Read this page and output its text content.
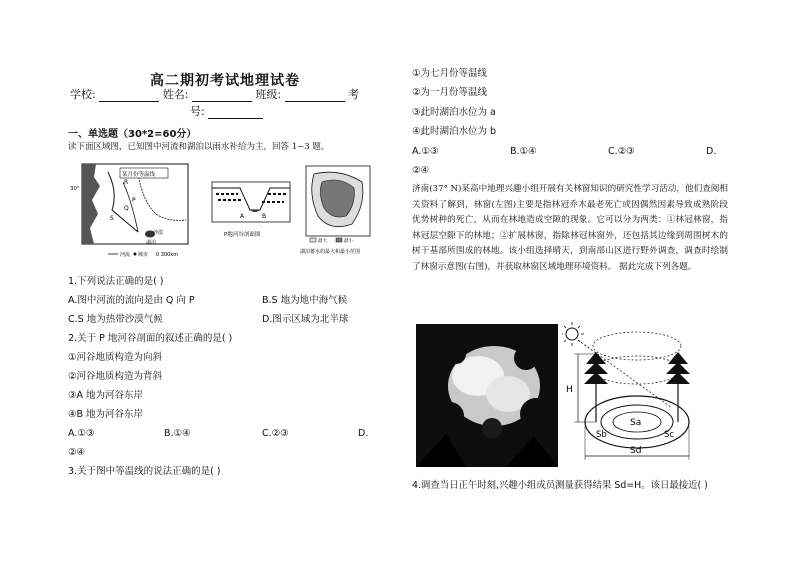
高二期初考试地理试卷
学校:	姓名:	班级:	考
号:
一、单选题（30*2=60分）
读下面区域图，已知图中河流和湖泊以雨水补给为主，回答 1~3 题。
某月份等温线
R
P
Q
S
30°
沙漠
湖泊
河流 城市 0 300km
A	B
P地河谷剖面图
最大	最小
湖泊蓄水的最大和最小范围
1.下列说法正确的是( )
A.图中河流的流向是由 Q 向 P	B.S 地为地中海气候
C.S 地为热带沙漠气候	D.图示区域为北半球
2.关于 P 地河谷剖面的叙述正确的是( )
①河谷地质构造为向斜
②河谷地质构造为背斜
③A 地为河谷东岸
④B 地为河谷东岸
A.①③	B.①④	C.②③	D.
②④
3.关于图中等温线的说法正确的是( )
①为七月份等温线
②为一月份等温线
③此时湖泊水位为 a
④此时湖泊水位为 b
A.①③	B.①④	C.②③	D.
②④
济南(37° N)某高中地理兴趣小组开展有关林窗知识的研究性学习活动，他们查阅相关资料了解到，林窗(左图)主要是指林冠乔木最老死亡或因偶然因素导致成熟阶段优势树种的死亡，从而在林地造成空隙的现象。它可以分为两类：①林冠林窗，指林冠层空隙下的林地；②扩展林窗，指除林冠林窗外，还包括其边缘到周围树木的树干基部所围成的林地。该小组选择晴天，到南部山区进行野外调查，调查时绘制了林窗示意图(右图)，并获取林窗区域地理环境资料。 据此完成下列各题。
H
Sa
Sb	Sc
Sd
4.调查当日正午时刻,兴趣小组成员测量获得结果 Sd=H。该日最接近( )
